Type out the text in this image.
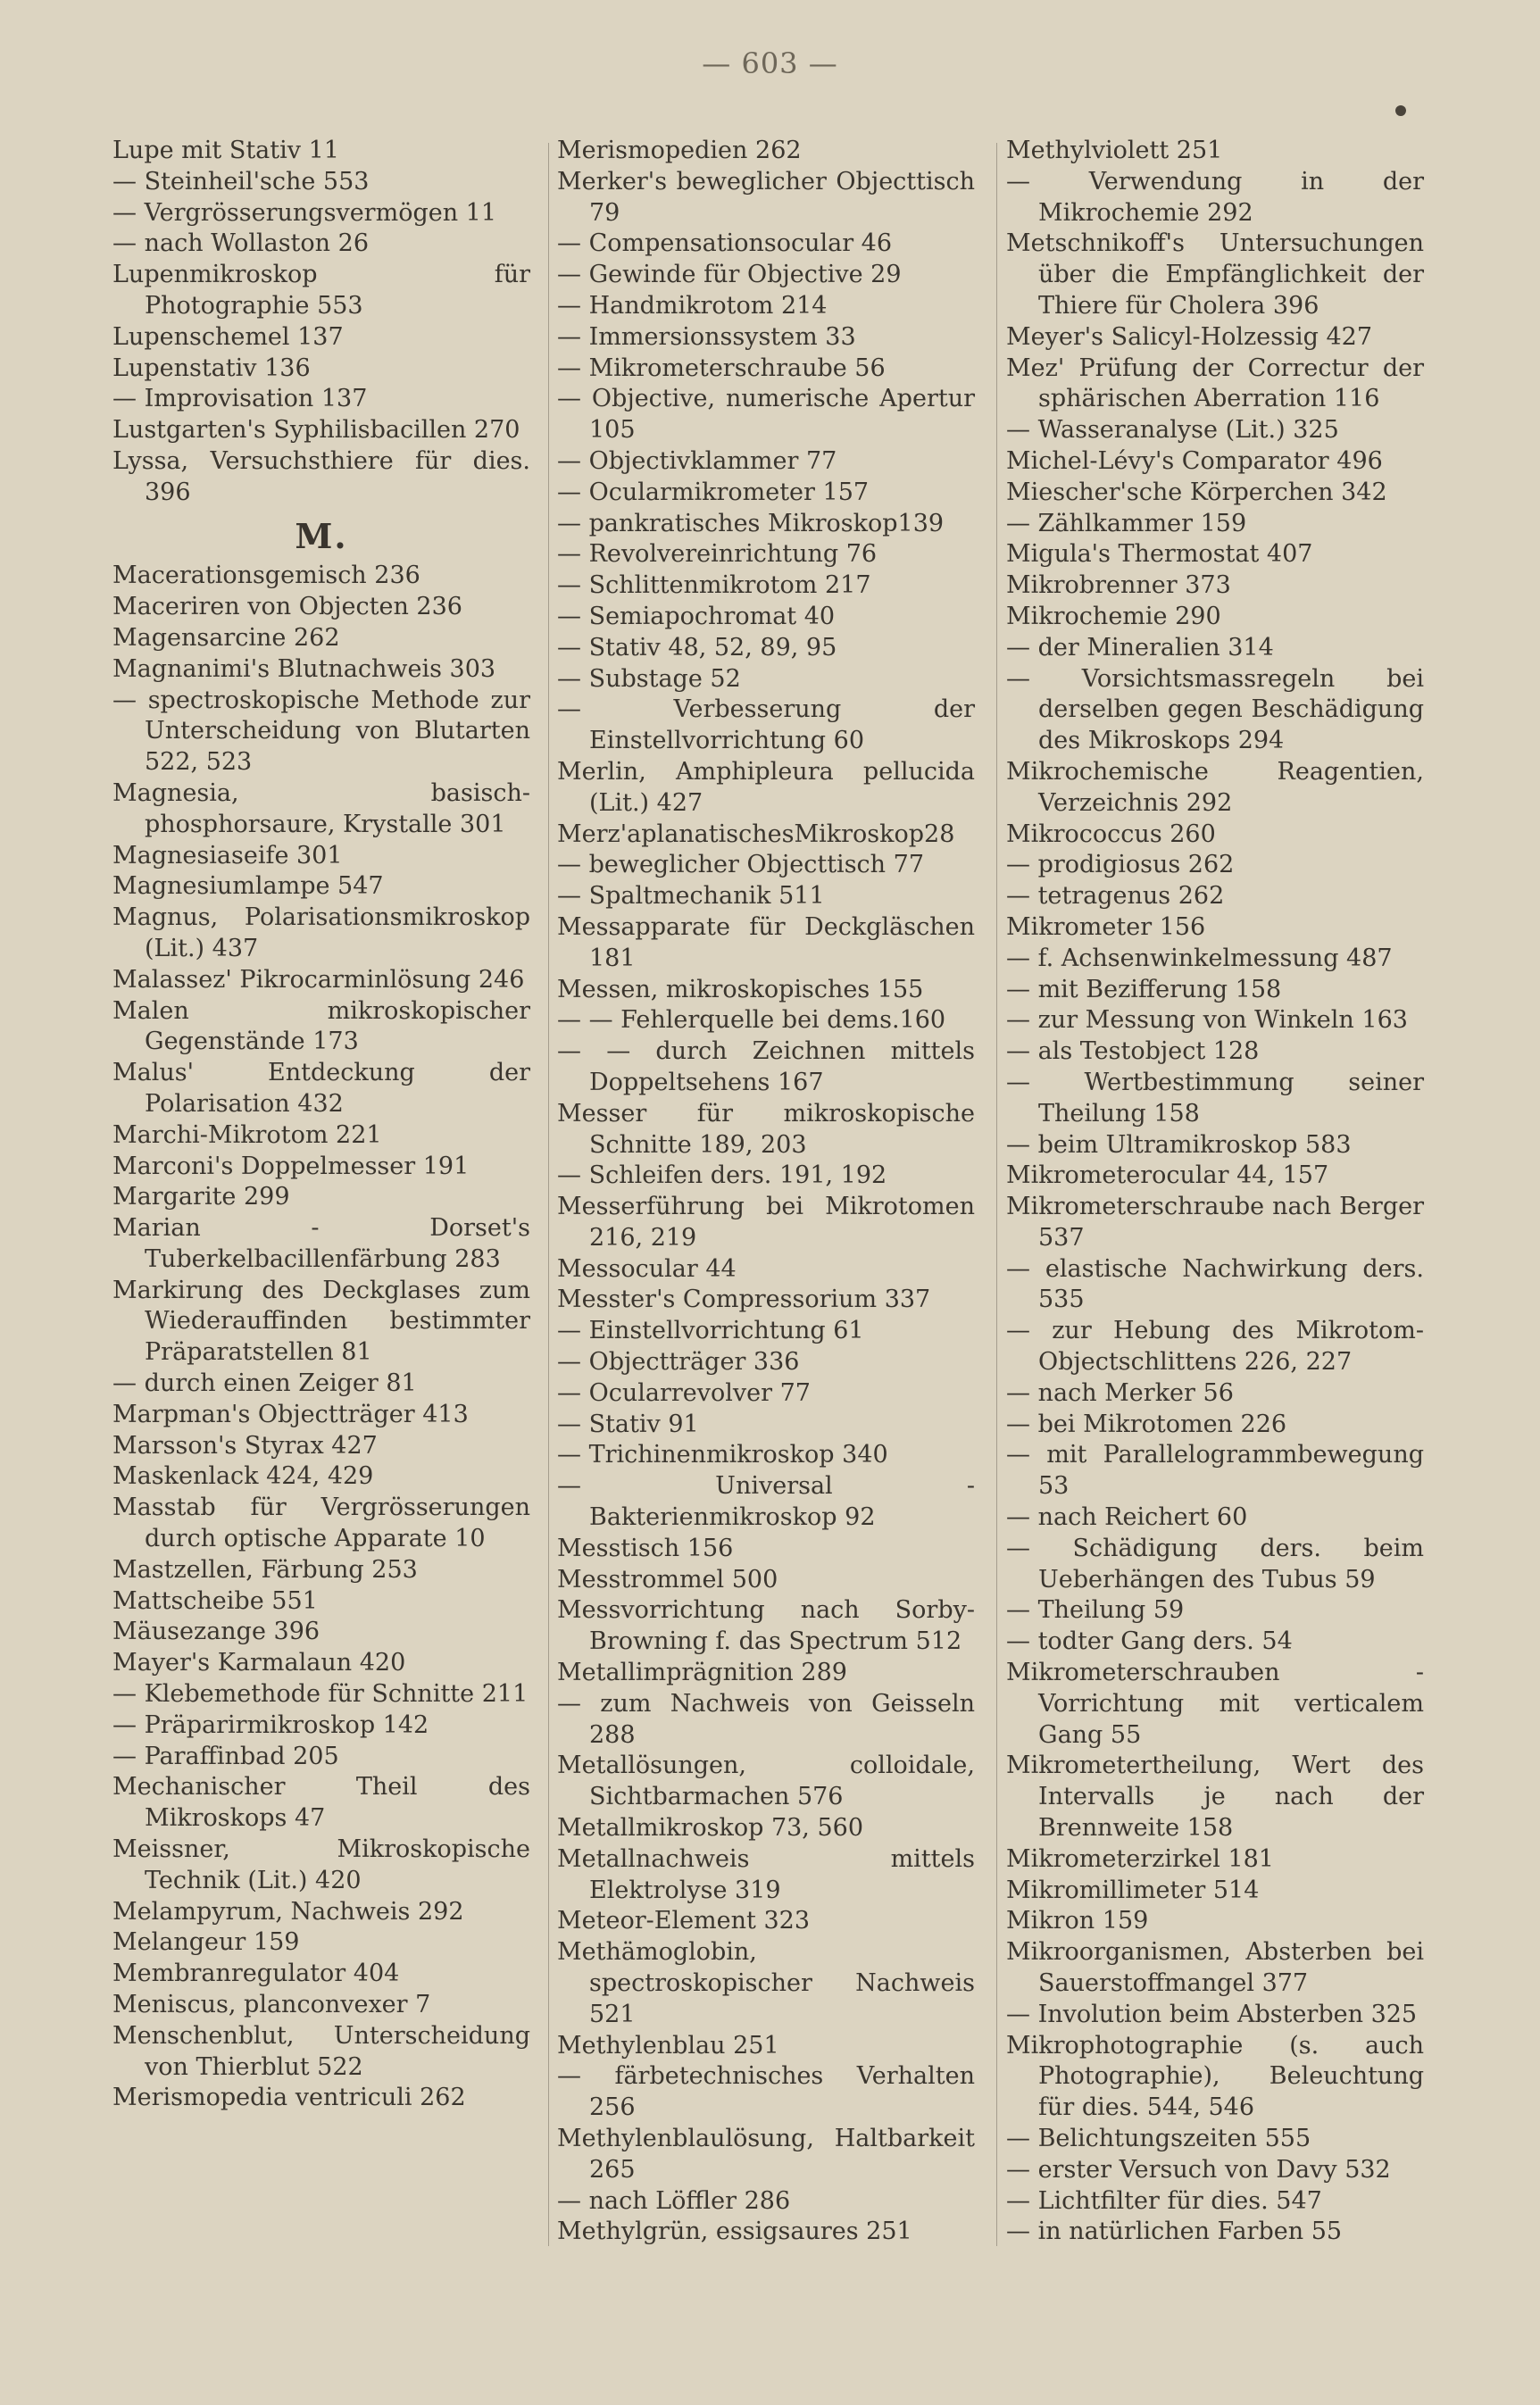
— 603 —
Lupe mit Stativ 11
— Steinheil'sche 553
— Vergrösserungsvermögen 11
— nach Wollaston 26
Lupenmikroskop für Photographie 553
Lupenschemel 137
Lupenstativ 136
— Improvisation 137
Lustgarten's Syphilisbacillen 270
Lyssa, Versuchsthiere für dies. 396
M.
Macerationsgemisch 236
Maceriren von Objecten 236
Magensarcine 262
Magnanimi's Blutnachweis 303
— spectroskopische Methode zur Unterscheidung von Blutarten 522, 523
Magnesia, basisch-phosphorsaure, Krystalle 301
Magnesiaseife 301
Magnesiumlampe 547
Magnus, Polarisationsmikroskop (Lit.) 437
Malassez' Pikrocarminlösung 246
Malen mikroskopischer Gegenstände 173
Malus' Entdeckung der Polarisation 432
Marchi-Mikrotom 221
Marconi's Doppelmesser 191
Margarite 299
Marian - Dorset's Tuberkelbacillenfärbung 283
Markirung des Deckglases zum Wiederauffinden bestimmter Präparatstellen 81
— durch einen Zeiger 81
Marpman's Objectträger 413
Marsson's Styrax 427
Maskenlack 424, 429
Masstab für Vergrösserungen durch optische Apparate 10
Mastzellen, Färbung 253
Mattscheibe 551
Mäusezange 396
Mayer's Karmalaun 420
— Klebemethode für Schnitte 211
— Präparirmikroskop 142
— Paraffinbad 205
Mechanischer Theil des Mikroskops 47
Meissner, Mikroskopische Technik (Lit.) 420
Melampyrum, Nachweis 292
Melangeur 159
Membranregulator 404
Meniscus, planconvexer 7
Menschenblut, Unterscheidung von Thierblut 522
Merismopedia ventriculi 262
Merismopedien 262
Merker's beweglicher Objecttisch 79
— Compensationsocular 46
— Gewinde für Objective 29
— Handmikrotom 214
— Immersionssystem 33
— Mikrometerschraube 56
— Objective, numerische Apertur 105
— Objectivklammer 77
— Ocularmikrometer 157
— pankratisches Mikroskop139
— Revolvereinrichtung 76
— Schlittenmikrotom 217
— Semiapochromat 40
— Stativ 48, 52, 89, 95
— Substage 52
— Verbesserung der Einstellvorrichtung 60
Merlin, Amphipleura pellucida (Lit.) 427
Merz'aplanatischesMikroskop28
— beweglicher Objecttisch 77
— Spaltmechanik 511
Messapparate für Deckgläschen 181
Messen, mikroskopisches 155
— — Fehlerquelle bei dems.160
— — durch Zeichnen mittels Doppeltsehens 167
Messer für mikroskopische Schnitte 189, 203
— Schleifen ders. 191, 192
Messerführung bei Mikrotomen 216, 219
Messocular 44
Messter's Compressorium 337
— Einstellvorrichtung 61
— Objectträger 336
— Ocularrevolver 77
— Stativ 91
— Trichinenmikroskop 340
— Universal - Bakterienmikroskop 92
Messtisch 156
Messtrommel 500
Messvorrichtung nach Sorby-Browning f. das Spectrum 512
Metallimprägnition 289
— zum Nachweis von Geisseln 288
Metallösungen, colloidale, Sichtbarmachen 576
Metallmikroskop 73, 560
Metallnachweis mittels Elektrolyse 319
Meteor-Element 323
Methämoglobin, spectroskopischer Nachweis 521
Methylenblau 251
— färbetechnisches Verhalten 256
Methylenblaulösung, Haltbarkeit 265
— nach Löffler 286
Methylgrün, essigsaures 251
Methylviolett 251
— Verwendung in der Mikrochemie 292
Metschnikoff's Untersuchungen über die Empfänglichkeit der Thiere für Cholera 396
Meyer's Salicyl-Holzessig 427
Mez' Prüfung der Correctur der sphärischen Aberration 116
— Wasseranalyse (Lit.) 325
Michel-Lévy's Comparator 496
Miescher'sche Körperchen 342
— Zählkammer 159
Migula's Thermostat 407
Mikrobrenner 373
Mikrochemie 290
— der Mineralien 314
— Vorsichtsmassregeln bei derselben gegen Beschädigung des Mikroskops 294
Mikrochemische Reagentien, Verzeichnis 292
Mikrococcus 260
— prodigiosus 262
— tetragenus 262
Mikrometer 156
— f. Achsenwinkelmessung 487
— mit Bezifferung 158
— zur Messung von Winkeln 163
— als Testobject 128
— Wertbestimmung seiner Theilung 158
— beim Ultramikroskop 583
Mikrometerocular 44, 157
Mikrometerschraube nach Berger 537
— elastische Nachwirkung ders. 535
— zur Hebung des Mikrotom-Objectschlittens 226, 227
— nach Merker 56
— bei Mikrotomen 226
— mit Parallelogrammbewegung 53
— nach Reichert 60
— Schädigung ders. beim Ueberhängen des Tubus 59
— Theilung 59
— todter Gang ders. 54
Mikrometerschrauben - Vorrichtung mit verticalem Gang 55
Mikrometertheilung, Wert des Intervalls je nach der Brennweite 158
Mikrometerzirkel 181
Mikromillimeter 514
Mikron 159
Mikroorganismen, Absterben bei Sauerstoffmangel 377
— Involution beim Absterben 325
Mikrophotographie (s. auch Photographie), Beleuchtung für dies. 544, 546
— Belichtungszeiten 555
— erster Versuch von Davy 532
— Lichtfilter für dies. 547
— in natürlichen Farben 55
